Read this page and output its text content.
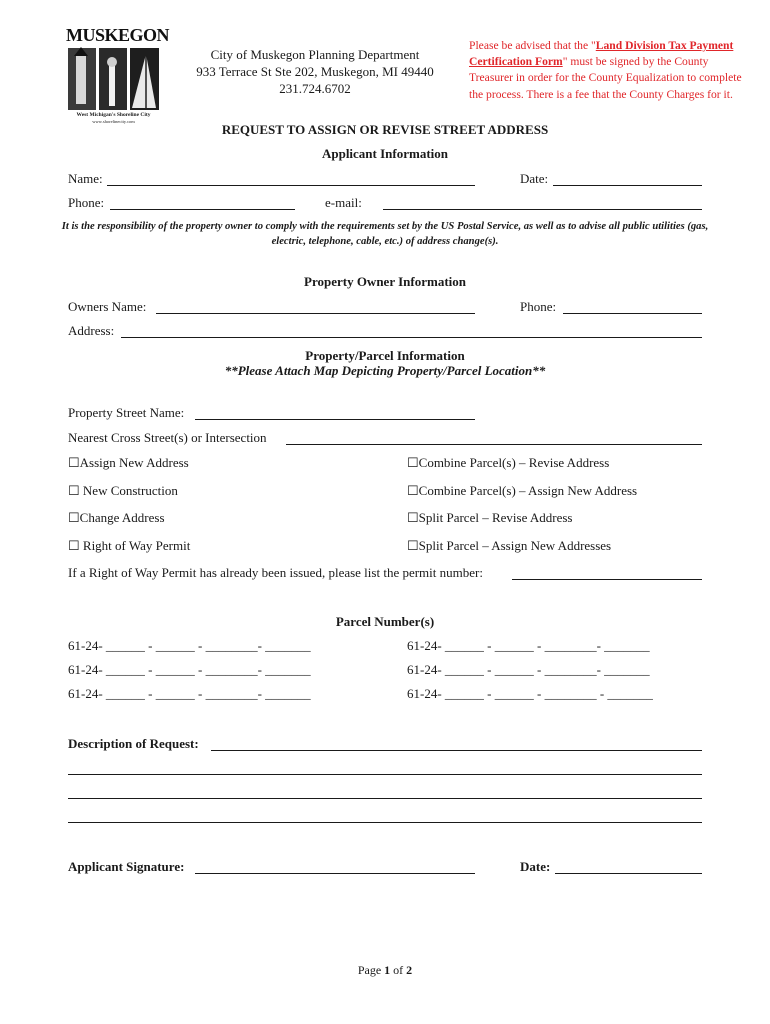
MUSKEGON
West Michigan's Shoreline City
www.shorelinecity.com
City of Muskegon Planning Department
933 Terrace St Ste 202, Muskegon, MI 49440
231.724.6702
Please be advised that the "Land Division Tax Payment Certification Form" must be signed by the County Treasurer in order for the County Equalization to complete the process. There is a fee that the County Charges for it.
REQUEST TO ASSIGN OR REVISE STREET ADDRESS
Applicant Information
Name:	Date:
Phone:	e-mail:
It is the responsibility of the property owner to comply with the requirements set by the US Postal Service, as well as to advise all public utilities (gas, electric, telephone, cable, etc.) of address change(s).
Property Owner Information
Owners Name:	Phone:
Address:
Property/Parcel Information
**Please Attach Map Depicting Property/Parcel Location**
Property Street Name:
Nearest Cross Street(s) or Intersection
☐Assign New Address	☐Combine Parcel(s) – Revise Address
☐ New Construction	☐Combine Parcel(s) – Assign New Address
☐Change Address	☐Split Parcel – Revise Address
☐ Right of Way Permit	☐Split Parcel – Assign New Addresses
If a Right of Way Permit has already been issued, please list the permit number:
Parcel Number(s)
61-24- ______ - ______ - ________- _______	61-24- ______ - ______ - ________- _______
61-24- ______ - ______ - ________- _______	61-24- ______ - ______ - ________- _______
61-24- ______ - ______ - ________- _______	61-24- ______ - ______ - ________ - _______
Description of Request:
Applicant Signature:	Date:
Page 1 of 2
